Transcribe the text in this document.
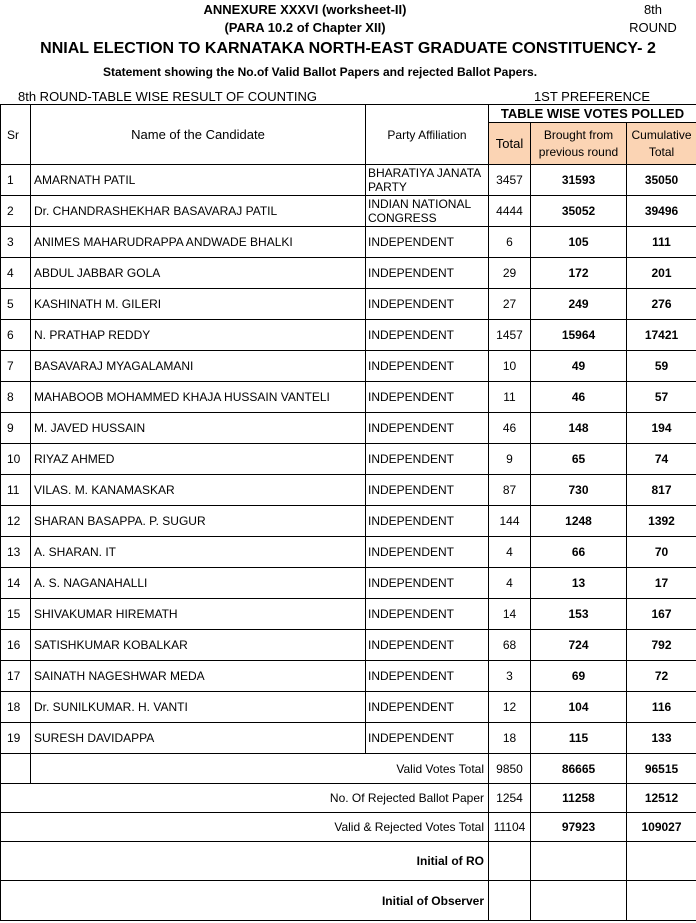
ANNEXURE XXXVI (worksheet-II)
(PARA 10.2 of Chapter XII)
8th
ROUND
NNIAL ELECTION TO KARNATAKA NORTH-EAST GRADUATE CONSTITUENCY- 2
Statement showing the No.of Valid Ballot Papers and rejected Ballot Papers.
8th ROUND-TABLE WISE RESULT OF COUNTING	1ST PREFERENCE
Sr	Name of the Candidate	Party Affiliation	TABLE WISE VOTES POLLED		
			Total	Brought from previous round	Cumulative Total
1	AMARNATH PATIL	BHARATIYA JANATA PARTY	3457	31593	35050
2	Dr. CHANDRASHEKHAR BASAVARAJ PATIL	INDIAN NATIONAL CONGRESS	4444	35052	39496
3	ANIMES MAHARUDRAPPA ANDWADE BHALKI	INDEPENDENT	6	105	111
4	ABDUL JABBAR GOLA	INDEPENDENT	29	172	201
5	KASHINATH M. GILERI	INDEPENDENT	27	249	276
6	N. PRATHAP REDDY	INDEPENDENT	1457	15964	17421
7	BASAVARAJ MYAGALAMANI	INDEPENDENT	10	49	59
8	MAHABOOB MOHAMMED KHAJA HUSSAIN VANTELI	INDEPENDENT	11	46	57
9	M. JAVED HUSSAIN	INDEPENDENT	46	148	194
10	RIYAZ AHMED	INDEPENDENT	9	65	74
11	VILAS. M. KANAMASKAR	INDEPENDENT	87	730	817
12	SHARAN BASAPPA. P. SUGUR	INDEPENDENT	144	1248	1392
13	A. SHARAN. IT	INDEPENDENT	4	66	70
14	A. S. NAGANAHALLI	INDEPENDENT	4	13	17
15	SHIVAKUMAR HIREMATH	INDEPENDENT	14	153	167
16	SATISHKUMAR KOBALKAR	INDEPENDENT	68	724	792
17	SAINATH NAGESHWAR MEDA	INDEPENDENT	3	69	72
18	Dr. SUNILKUMAR. H. VANTI	INDEPENDENT	12	104	116
19	SURESH DAVIDAPPA	INDEPENDENT	18	115	133
	Valid Votes Total		9850	86665	96515
No. Of Rejected Ballot Paper			1254	11258	12512
Valid & Rejected Votes Total			11104	97923	109027
Initial of RO					
Initial of Observer					
